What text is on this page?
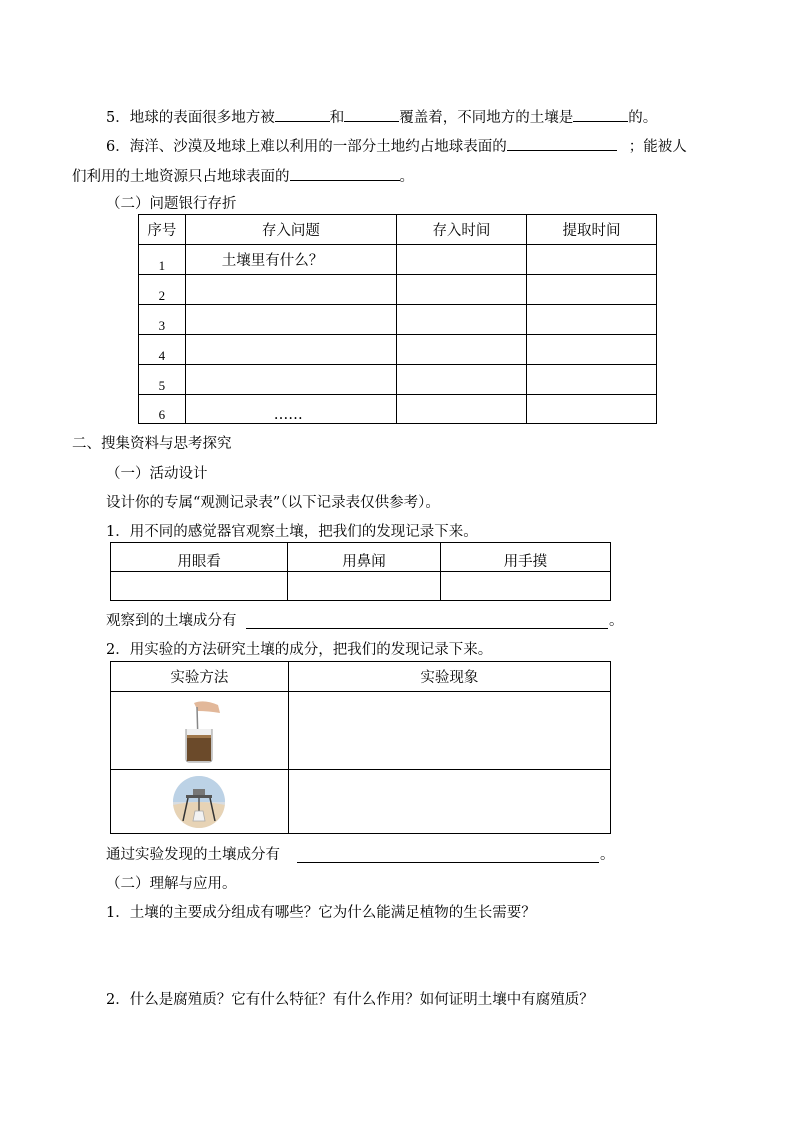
5．地球的表面很多地方被	和	覆盖着，不同地方的土壤是	的。
6．海洋、沙漠及地球上难以利用的一部分土地约占地球表面的	；能被人
们利用的土地资源只占地球表面的	。
（二）问题银行存折
序号	存入问题	存入时间	提取时间
1	土壤里有什么？		
2			
3			
4			
5			
6	……		
二、搜集资料与思考探究
（一）活动设计
设计你的专属“观测记录表”（以下记录表仅供参考）。
1．用不同的感觉器官观察土壤，把我们的发现记录下来。
用眼看	用鼻闻	用手摸

观察到的土壤成分有	。
2．用实验的方法研究土壤的成分，把我们的发现记录下来。
实验方法	实验现象

通过实验发现的土壤成分有	。
（二）理解与应用。
1．土壤的主要成分组成有哪些？它为什么能满足植物的生长需要？
2．什么是腐殖质？它有什么特征？有什么作用？如何证明土壤中有腐殖质？
